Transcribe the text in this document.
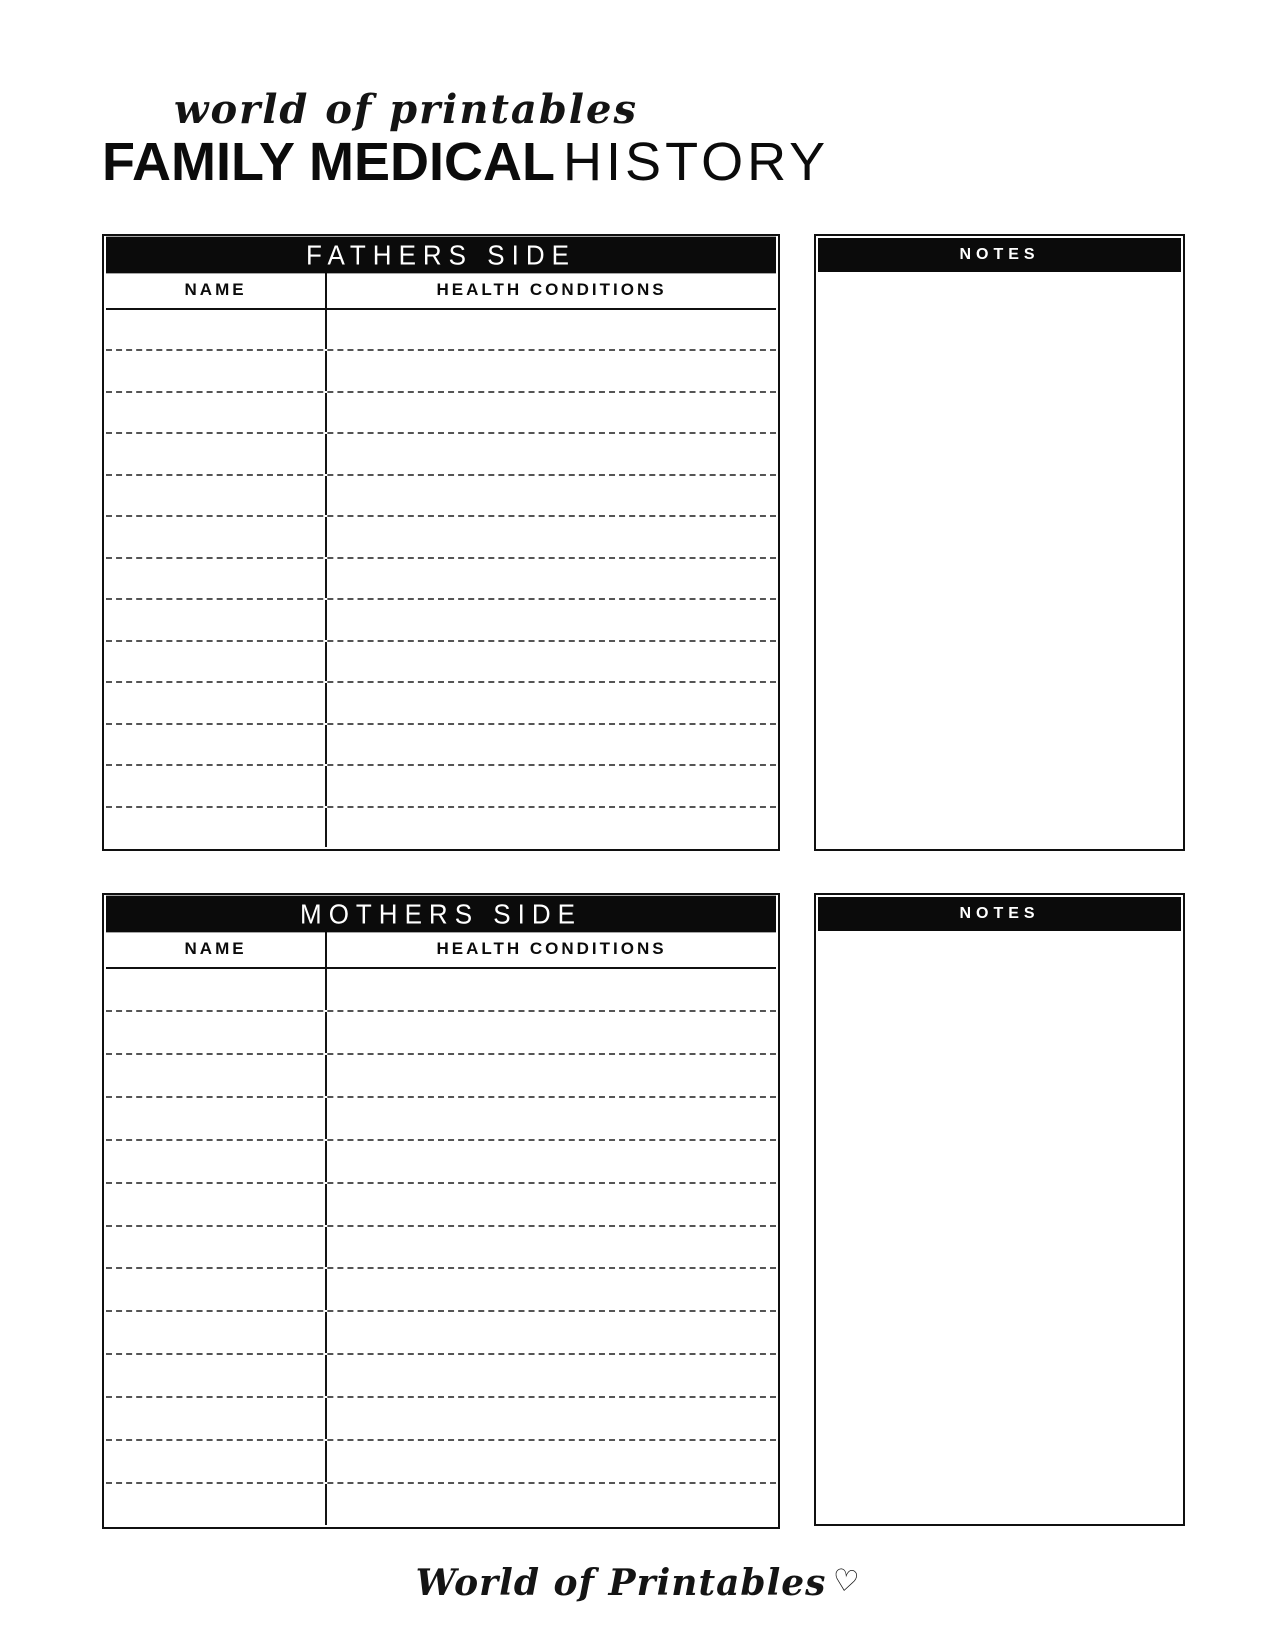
world of printables
FAMILY MEDICAL HISTORY
FATHERS SIDE
NAME	HEALTH CONDITIONS
NOTES
MOTHERS SIDE
NAME	HEALTH CONDITIONS
NOTES
World of Printables ♡
